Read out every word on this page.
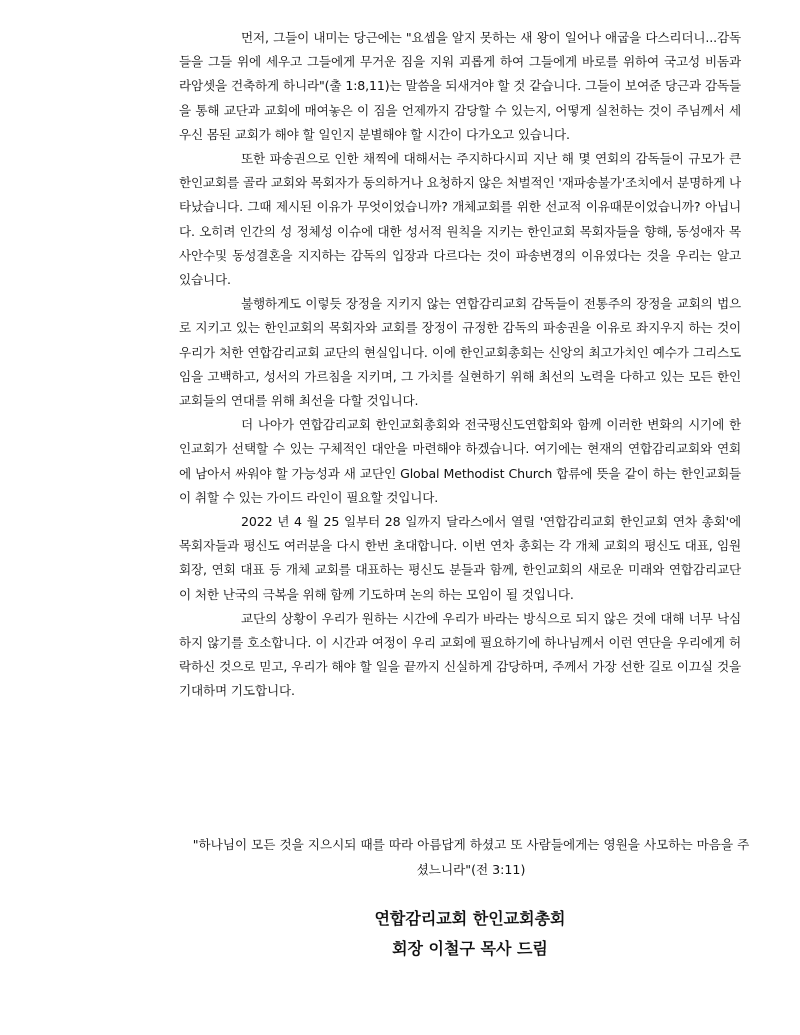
먼저, 그들이 내미는 당근에는 "요셉을 알지 못하는 새 왕이 일어나 애굽을 다스리더니...감독들을 그들 위에 세우고 그들에게 무거운 짐을 지워 괴롭게 하여 그들에게 바로를 위하여 국고성 비돔과 라암셋을 건축하게 하니라"(출 1:8,11)는 말씀을 되새겨야 할 것 같습니다. 그들이 보여준 당근과 감독들을 통해 교단과 교회에 매여놓은 이 짐을 언제까지 감당할 수 있는지, 어떻게 실천하는 것이 주님께서 세우신 몸된 교회가 해야 할 일인지 분별해야 할 시간이 다가오고 있습니다.

또한 파송권으로 인한 채찍에 대해서는 주지하다시피 지난 해 몇 연회의 감독들이 규모가 큰 한인교회를 골라 교회와 목회자가 동의하거나 요청하지 않은 처벌적인 '재파송불가'조치에서 분명하게 나타났습니다. 그때 제시된 이유가 무엇이었습니까? 개체교회를 위한 선교적 이유때문이었습니까? 아닙니다. 오히려 인간의 성 정체성 이슈에 대한 성서적 원칙을 지키는 한인교회 목회자들을 향해, 동성애자 목사안수및 동성결혼을 지지하는 감독의 입장과 다르다는 것이 파송변경의 이유였다는 것을 우리는 알고 있습니다.

불행하게도 이렇듯 장정을 지키지 않는 연합감리교회 감독들이 전통주의 장정을 교회의 법으로 지키고 있는 한인교회의 목회자와 교회를 장정이 규정한 감독의 파송권을 이유로 좌지우지 하는 것이 우리가 처한 연합감리교회 교단의 현실입니다. 이에 한인교회총회는 신앙의 최고가치인 예수가 그리스도임을 고백하고, 성서의 가르침을 지키며, 그 가치를 실현하기 위해 최선의 노력을 다하고 있는 모든 한인교회들의 연대를 위해 최선을 다할 것입니다.

더 나아가 연합감리교회 한인교회총회와 전국평신도연합회와 함께 이러한 변화의 시기에 한인교회가 선택할 수 있는 구체적인 대안을 마련해야 하겠습니다. 여기에는 현재의 연합감리교회와 연회에 남아서 싸워야 할 가능성과 새 교단인 Global Methodist Church 합류에 뜻을 같이 하는 한인교회들이 취할 수 있는 가이드 라인이 필요할 것입니다.

2022 년 4 월 25 일부터 28 일까지 달라스에서 열릴 '연합감리교회 한인교회 연차 총회'에 목회자들과 평신도 여러분을 다시 한번 초대합니다. 이번 연차 총회는 각 개체 교회의 평신도 대표, 임원회장, 연회 대표 등 개체 교회를 대표하는 평신도 분들과 함께, 한인교회의 새로운 미래와 연합감리교단이 처한 난국의 극복을 위해 함께 기도하며 논의 하는 모임이 될 것입니다.

교단의 상황이 우리가 원하는 시간에 우리가 바라는 방식으로 되지 않은 것에 대해 너무 낙심하지 않기를 호소합니다. 이 시간과 여정이 우리 교회에 필요하기에 하나님께서 이런 연단을 우리에게 허락하신 것으로 믿고, 우리가 해야 할 일을 끝까지 신실하게 감당하며, 주께서 가장 선한 길로 이끄실 것을 기대하며 기도합니다.

"하나님이 모든 것을 지으시되 때를 따라 아름답게 하셨고 또 사람들에게는 영원을 사모하는 마음을 주셨느니라"(전 3:11)
연합감리교회 한인교회총회
회장 이철구 목사 드림
